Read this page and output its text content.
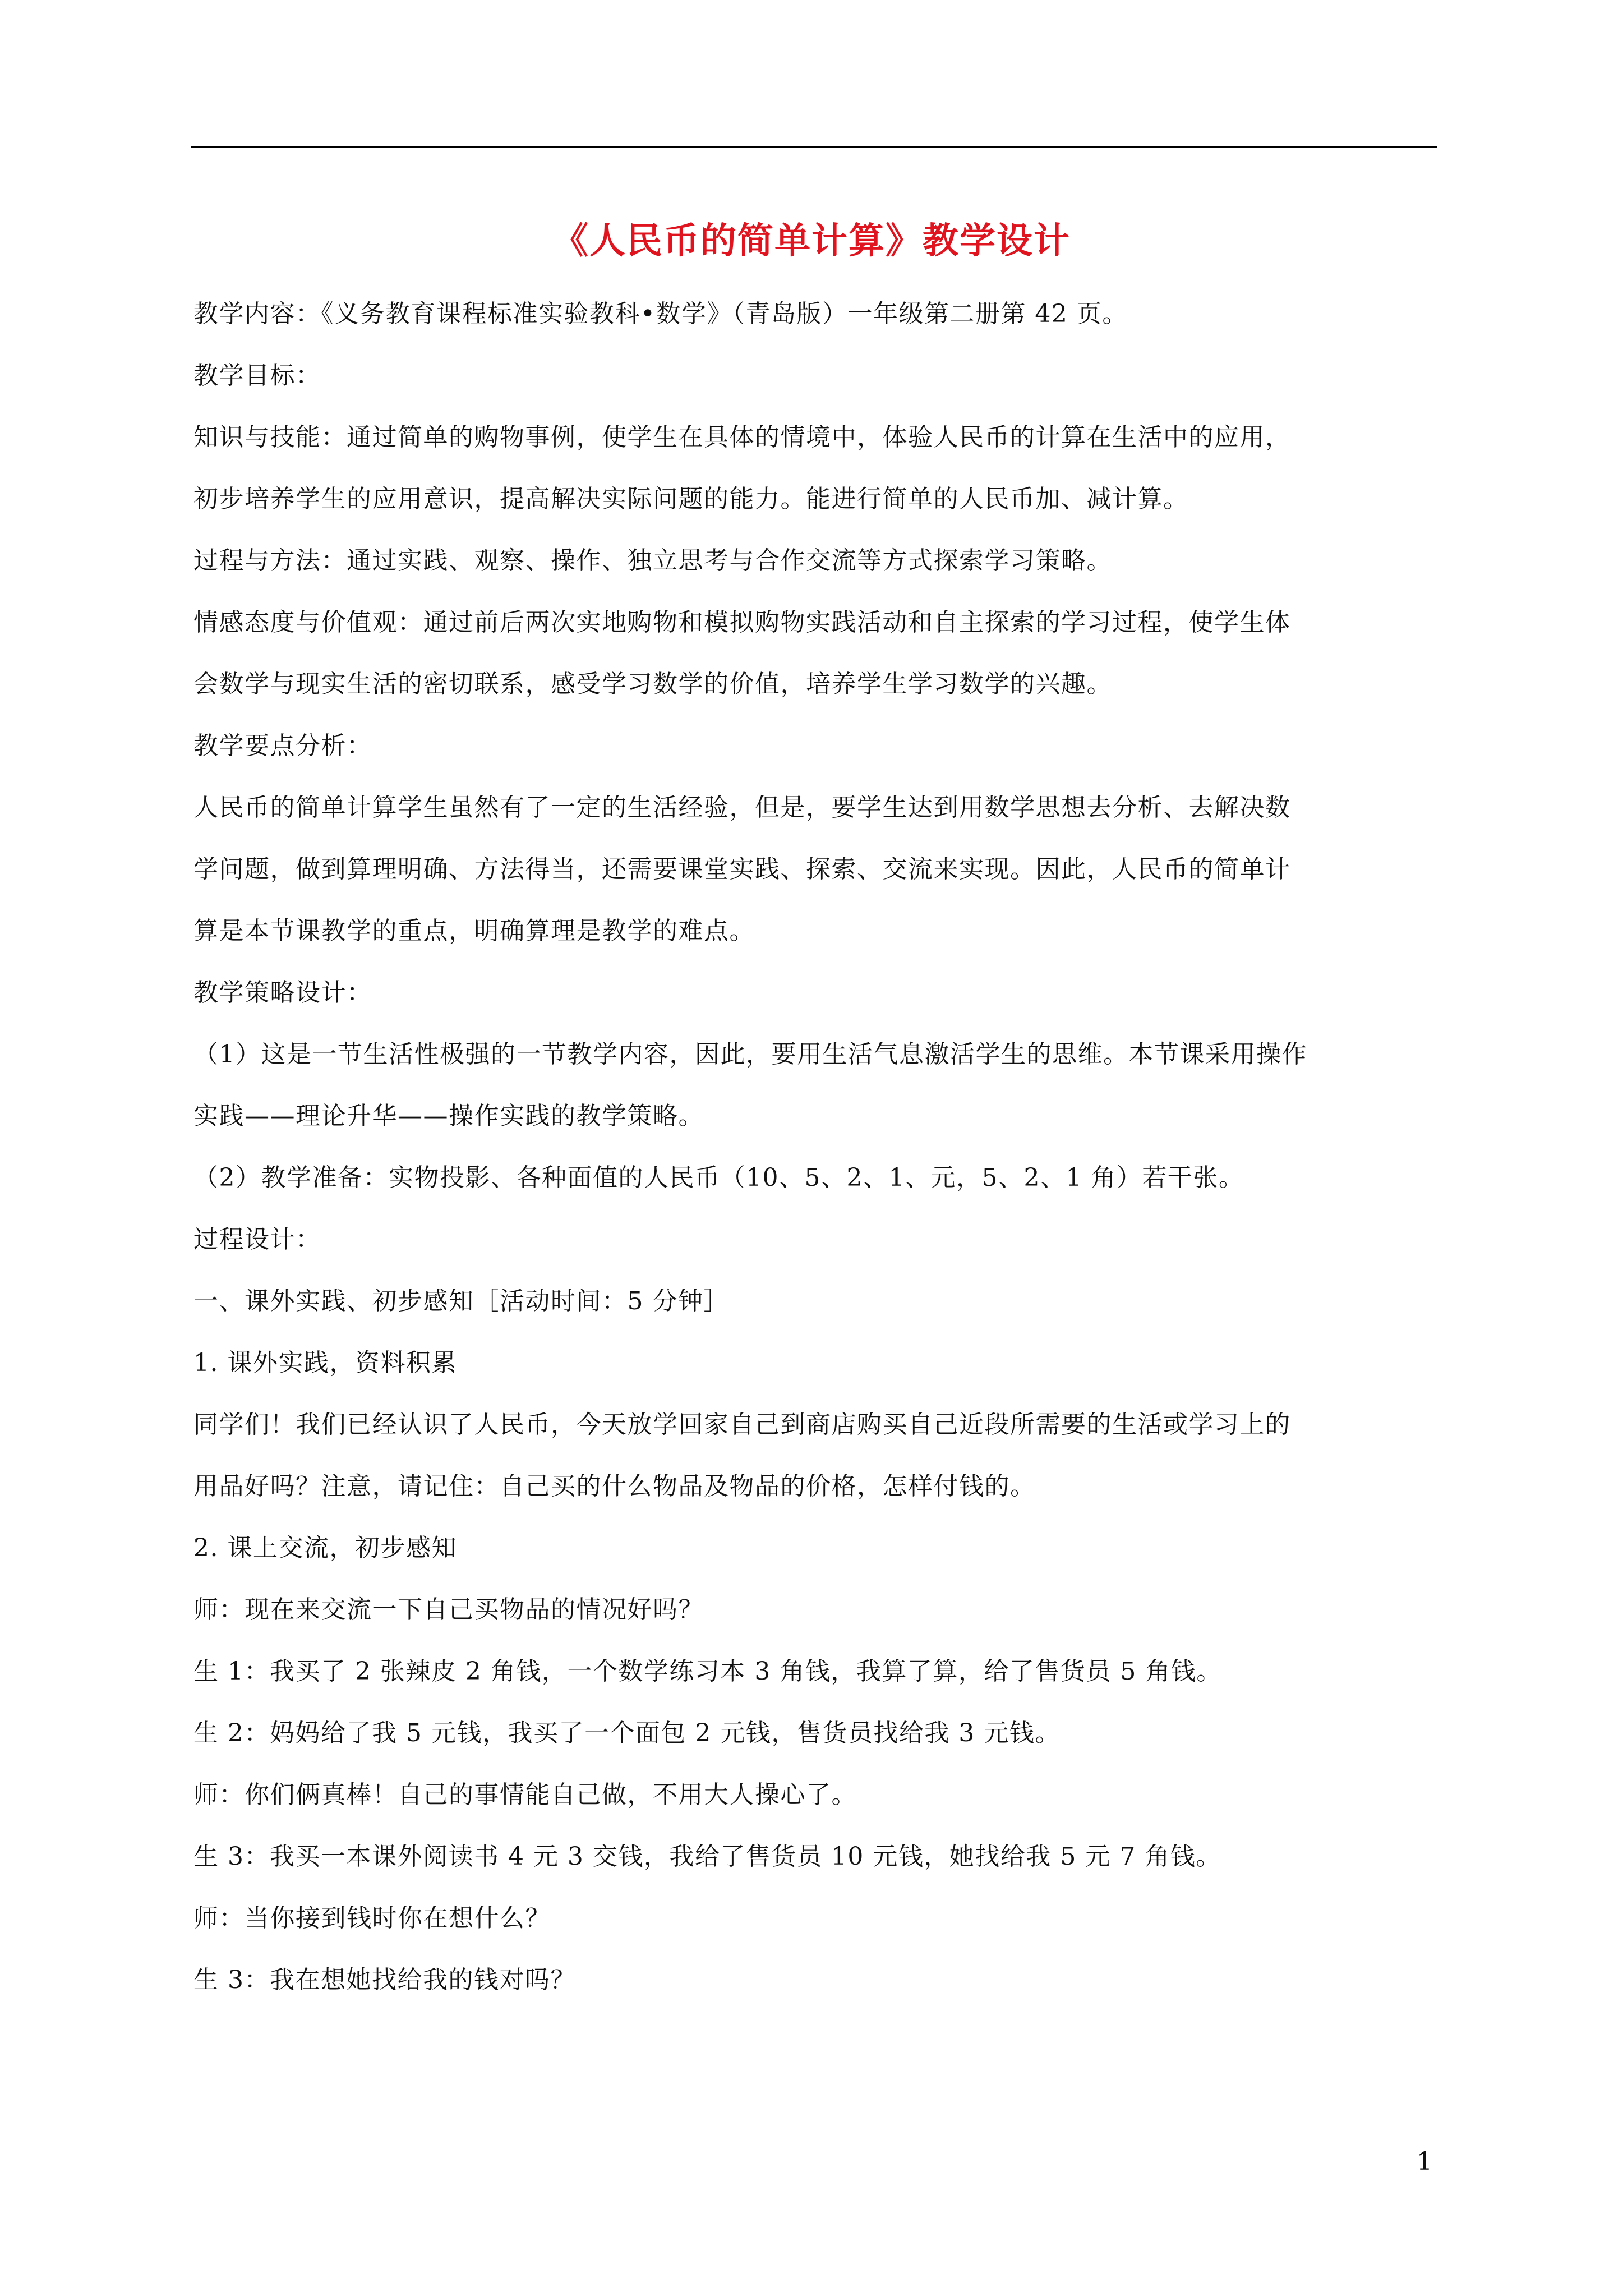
《人民币的简单计算》教学设计
教学内容：《义务教育课程标准实验教科•数学》（青岛版）一年级第二册第 42 页。
教学目标：
知识与技能：通过简单的购物事例，使学生在具体的情境中，体验人民币的计算在生活中的应用，
初步培养学生的应用意识，提高解决实际问题的能力。能进行简单的人民币加、减计算。
过程与方法：通过实践、观察、操作、独立思考与合作交流等方式探索学习策略。
情感态度与价值观：通过前后两次实地购物和模拟购物实践活动和自主探索的学习过程，使学生体
会数学与现实生活的密切联系，感受学习数学的价值，培养学生学习数学的兴趣。
教学要点分析：
人民币的简单计算学生虽然有了一定的生活经验，但是，要学生达到用数学思想去分析、去解决数
学问题，做到算理明确、方法得当，还需要课堂实践、探索、交流来实现。因此，人民币的简单计
算是本节课教学的重点，明确算理是教学的难点。
教学策略设计：
（1）这是一节生活性极强的一节教学内容，因此，要用生活气息激活学生的思维。本节课采用操作
实践——理论升华——操作实践的教学策略。
（2）教学准备：实物投影、各种面值的人民币（10、5、2、1、元，5、2、1 角）若干张。
过程设计：
一、课外实践、初步感知［活动时间：5 分钟］
1. 课外实践，资料积累
同学们！我们已经认识了人民币，今天放学回家自己到商店购买自己近段所需要的生活或学习上的
用品好吗？注意，请记住：自己买的什么物品及物品的价格，怎样付钱的。
2. 课上交流，初步感知
师：现在来交流一下自己买物品的情况好吗？
生 1：我买了 2 张辣皮 2 角钱，一个数学练习本 3 角钱，我算了算，给了售货员 5 角钱。
生 2：妈妈给了我 5 元钱，我买了一个面包 2 元钱，售货员找给我 3 元钱。
师：你们俩真棒！自己的事情能自己做，不用大人操心了。
生 3：我买一本课外阅读书 4 元 3 交钱，我给了售货员 10 元钱，她找给我 5 元 7 角钱。
师：当你接到钱时你在想什么？
生 3：我在想她找给我的钱对吗？
1
